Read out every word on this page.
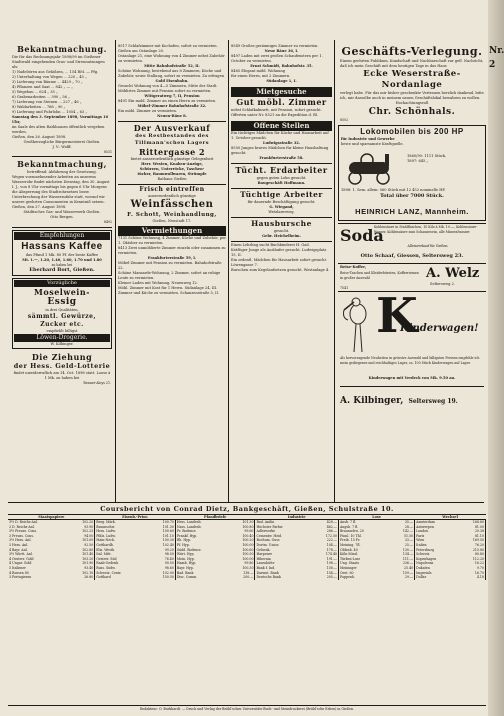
Bekanntmachung.
Die für das Rechnungsjahr 1898/99 im Gießener Stadtwald eingehenden Gras- und Streunutzungen als:
1) Nadelstreu aus Gehölzen, ... 154 RM. — Pfg.
2) Unterhaltung von Wegen ... 220 „ 45 „
3) Lieferung von Bäume ... 4429 „ 70 „
4) Pflanzen und Saat ... 842 „ — „
5) Wegebau ... 624 „ 35 „
6) Grabenarbeiten ... 390 „ 56 „
7) Lieferung von Steinen ... 227 „ 46 „
8) Waldarbeiten ... 768 „ 90 „
9) Lieferung und Fuhrlohn ... 1054 „ 63 „
Samstag den 3. September 1898, Vormittags 10 Uhr,
im Saale des alten Rathhauses öffentlich vergeben werden.
Gießen, den 26. August 1898.
Großherzogliche Bürgermeisterei Gießen.
J. V.: Wolff.
8531
Bekanntmachung,
betreffend: Abfuhrung der Gesetzung.
Wegen vorzunehmender Arbeiten an unserem Wasserrohr findet nächsten Dienstag, den 30. August I. J., von 8 Uhr vormittags bis gegen 6 Uhr Morgens die Absperrung des Stadtrohrnetzes bezw. Unterbrechung der Wasserzufuhr statt, worauf wir unsere geehrten Consumenten in Kenntniß setzen.
Gießen, den 27. August 1898.
Städtisches Gas- und Wasserwerk Gießen.
Otto Bergen.
8492
Empfehlungen
Hassans Kaffee
das Pfund 1 Mk. 80 Pf. der beste Kaffee
Mt. 1.—, 1.20, 1.40, 1.60, 1.70 und 1.80
zu haben bei
Eberhard Bort, Gießen.
Vorzügliche
Moselwein-
Essig
in drei Qualitäten,
sämmtl. Gewürze,
Zucker etc.
empfiehlt billigst
Löwen-Drogerie.
W. Kilbinger.
Die Ziehung
der Hess. Geld-Lotterie
findet unwiderruflich am 14. Oct. 1898 statt. Loose à 1 Mk. zu haben bei
Renner-Aloys 21.
8517 Schlafzimmer mit Kochofen, sofort zu vermieten. Gießen am Ostanlage 20.
Ostanlage 21, eine Wohnung von 4 Zimmer nebst Zubehör zu vermieten.
Mitte Bahnhofstraße 52, II.
Schöne Wohnung, bestehend aus 8 Zimmern, Küche und Zubehör, sowie Stallung, sofort zu vermieten. Zu erfragen
Gold Eisenbahn.
Gesucht Wohnung von 4—5 Zimmern, Mitte der Stadt.
Möblirtes Zimmer mit Pension sofort zu vermieten.
Wittgeratweg 7, II, Pension
8491 Ein mobl. Zimmer an einen Herrn zu vermieten.
Möbel-Zimmer Bahnhofstraße 32.
Ein möbl. Zimmer zu vermieten.
Neuen-Bäue 8.
Der Ausverkauf
des Restbestandes des Tillmann'schen Lagers
Rittergasse 2
bietet ausserordentlich günstige Gelegenheit
Herr. Westen, Knaben-Anzüge,
Schürzen, Unterröcke, Taschen-
tücher, Baumwollwaren, Strümpfe
Rathaus Gießen
Frisch eintreffen
ausserordentlich günstige
Weinfässchen
F. Schott, Weinhandlung,
Gießen, Neustadt 17.
Vermiethungen
7131 Schöne Wohnung, 4 Zimmer, Küche und Zubehör, per 1. Oktober zu vermieten.
8413 Zwei unmöblierte Zimmer einzeln oder zusammen zu vermieten.
Frankfurterstraße 59, I.
Möbel-Zimmer mit Pension zu vermieten. Bahnhofstraße 22.
Schöne Mansarde-Wohnung, 2 Zimmer, sofort an ruhige Leute zu vermieten.
Kleiner Laden mit Wohnung, Neuenweg 12.
Möbl. Zimmer mit Kost für 1 Herrn. Südanlage 24, III.
Zimmer und Küche zu vermieten. Schanzenstraße 5, II.
8549 Großes geräumiges Zimmer zu vermieten.
Neue Bäue 36, I.
8497 Laden mit zwei großen Schaufenstern per 1. October zu vermieten.
Ernst Schmidt, Bahnhofstr. 35.
8465 Elegant möbl. Wohnung
für einen Herrn, mit 2 Zimmern.
Südanlage 1, I.
Mietgesuche
Gut möbl. Zimmer
nebst Schlafkabinett, mit Pension, sofort gesucht. Offerten unter Nr. 8521 an die Expedition d. Bl.
Offene Stellen
Ein tüchtiges Mädchen für Küche und Hausarbeit auf 1. October gesucht.
Ludwigsstraße 32.
8550 Junges braves Mädchen für kleine Haushaltung gesucht.
Frankfurterstraße 58.
Tücht. Erdarbeiter
gegen guten Lohn gesucht.
Baugeschäft Hoffmann.
Tüchtige Arbeiter
für dauernde Beschäftigung gesucht.
G. Wiegand,
Wetzlarerweg.
Hausbursche
gesucht.
Gebr. Heichelheim.
Einen Lehrling sucht Buchbinderei H. Gail.
Kräftiger Junge als Ausläufer gesucht. Ludwigsplatz 15, II.
Ein ordentl. Mädchen für Hausarbeit sofort gesucht. Löwengasse 7.
Burschen zum Kegelaufsetzen gesucht. Westanlage 4.
Geschäfts-Verlegung.
Einem geehrten Publikum, Kundschaft und Nachbarschaft zur gefl. Nachricht, daß ich mein Geschäft mit dem heutigen Tage in das Haus
Ecke Weserstraße-Nordanlage
verlegt habe. Für das mir bisher geschenkte Vertrauen herzlich dankend, bitte ich, mir dasselbe auch in meinem neuen Geschäftslokal bewahren zu wollen.
Hochachtungsvoll
Chr. Schönhals.
8502
Lokomobilen bis 200 HP
für Industrie und Gewerbe
beste und sparsamste Kraftquelle.
1860/90: 1111 Stück,
1897: 645 „
1898: 1. Sem. allein: 560 Stück mit 12 452 nominelle HP.
Total über 7000 Stück.
HEINRICH LANZ, Mannheim.
Soda
Kohlensäure in Stahlflaschen, 10 Kilo à Mk. 10.—, Kohlensäure-Wasser, Kohlensäure zum Schaumwein, alle Mineralwasser
Alleinverkauf für Gießen.
Otto Schaaf, Giessen, Seltersweg 23.
Reise-Koffer,
Reise-Taschen und Kleiderbürsten, Kofferriemen in großer Auswahl	A. Welz
Seltersweg 2.
7541 K
Kinderwagen!
Als hervorragende Neuheiten in grösster Auswahl und billigsten Preisen empfehle ich mein gediegenes und reichhaltiges Lager, ca. 100 Stück Kinderwagen auf Lager.
Kinderwagen mit Verdeck von Mk. 9.50 an.
A. Kilbinger, Seltersweg 19.
Coursbericht von Conrad Dietz, Bankgeschäft, Gießen, Schulstraße 10.
Staatspapiere		Eisenb.-Prior.		Pfandbriefe		Industrie		Lose		Wechsel	
3½ D. Reichs-Anl.	102.20	Berg. Märk.	100.70	Hess. Landesb.	101.30	Bad. Anilin	428.—	Ansb. 7 fl.	35.—	Amsterdam	168.60
3 D. Reichs-Anl.	93.90	Braunschw.	101.50	Nass. Landesb.	100.80	Höchster Farbw.	462.—	Augsb. 7 fl.	28.—	Antwerpen	81.00
3½ Preuss. Cons.	102.25	Hess. Ludw.	100.60	Pr. Bodencr.	99.60	Adlerwerke	286.—	Braunschw. 20	142.—	London	20.38
3 Preuss. Cons.	94.00	Pfälz. Ludw.	101.10	Frankf. Hyp.	100.40	Cementw. Heid.	172.50	Finnl. 10 Thl.	51.50	Paris	81.10
3½ Hess. Anl.	101.00	Main-Neck.	100.30	Rh. Hyp.	100.20	Bochum. Guss	222.—	Freib. 15 Fr.	33.—	Wien	169.50
3 Hess. Anl.	92.50	Gotthardb.	102.40	Pf. Hyp.	100.00	Dortm. Union	104.—	Meining. 7fl.	25.—	Italien	76.20
4 Bayr. Anl.	102.80	Elis. Westb.	99.20	Südd. Bodencr.	100.60	Gelsenk.	178.—	Oldenb. 40	130.—	Petersburg	215.80
3½ Württ. Anl.	101.40	Ital. Mitt.	98.50	Würt. Hyp.	100.50	Harpener	174.40	Köln-Mind.	134.—	Schweiz	80.80
4 Oesterr. Gold	103.20	Oesterr. Süd	76.40	Mein. Hyp.	100.00	Hibernia	191.—	Türken-Lose	111.—	Kopenhagen	112.20
4 Ungar. Gold	101.90	Raab-Oedenb.	90.50	Hamb. Hyp.	99.80	Laurahütte	198.—	Ung. Staats	236.—	Napoleons	16.22
5 Italiener	93.40	Russ. Südw.	98.60	Bayr. Hyp.	100.30	Bank f. Ind.	158.—	Meininger	25.40	Dukaten	9.70
4 Russen 80	102.10	Schweiz. Centr.	102.00	Bad. Bank	138.—	Darmst. Bank	154.—	Oest. 60	159.—	Imperials	16.70
3 Portugiesen	26.80	Gotthard	150.50	Disc. Comm.	200.—	Deutsche Bank	205.—	Pappenh.	29.—	Dollar	4.18
Redakteur: O. Burkhardt. — Druck und Verlag der Brühl'schen Universitäts-Buch- und Steindruckerei (Brühl'sche Erben) in Gießen.
Nr. 2
